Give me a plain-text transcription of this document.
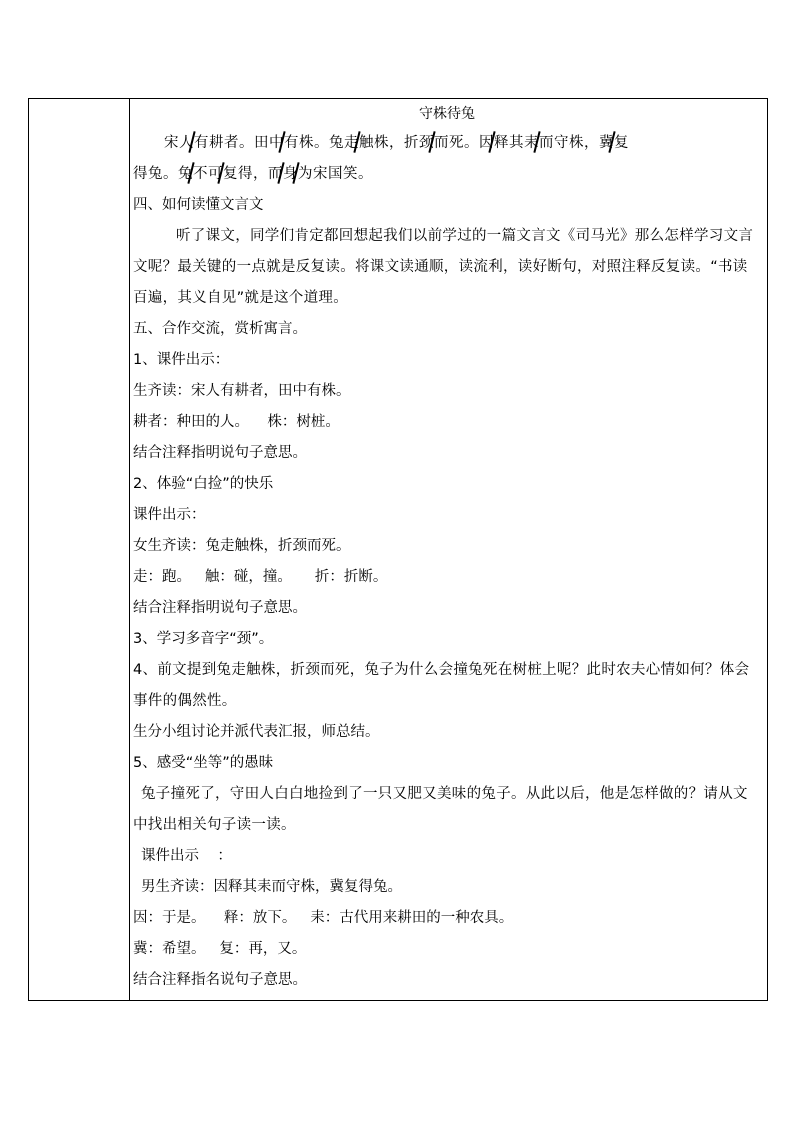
守株待兔
宋人有耕者。田中有株。兔走触株，折颈而死。因释其耒而守株，冀复
得兔。兔不可复得，而身为宋国笑。
四、如何读懂文言文
听了课文，同学们肯定都回想起我们以前学过的一篇文言文《司马光》那么怎样学习文言文呢？最关键的一点就是反复读。将课文读通顺，读流利，读好断句，对照注释反复读。“书读百遍，其义自见”就是这个道理。
五、合作交流，赏析寓言。
1、课件出示：
生齐读：宋人有耕者，田中有株。
耕者：种田的人。    株：树桩。
结合注释指明说句子意思。
2、体验“白捡”的快乐
课件出示：
女生齐读：兔走触株，折颈而死。
走：跑。   触：碰，撞。     折：折断。
结合注释指明说句子意思。
3、学习多音字“颈”。
4、前文提到兔走触株，折颈而死，兔子为什么会撞兔死在树桩上呢？此时农夫心情如何？体会事件的偶然性。
生分小组讨论并派代表汇报，师总结。
5、感受“坐等”的愚昧
兔子撞死了，守田人白白地捡到了一只又肥又美味的兔子。从此以后，他是怎样做的？请从文中找出相关句子读一读。
课件出示    ：
男生齐读：因释其耒而守株，冀复得兔。
因：于是。    释：放下。   耒：古代用来耕田的一种农具。
冀：希望。   复：再，又。
结合注释指名说句子意思。
